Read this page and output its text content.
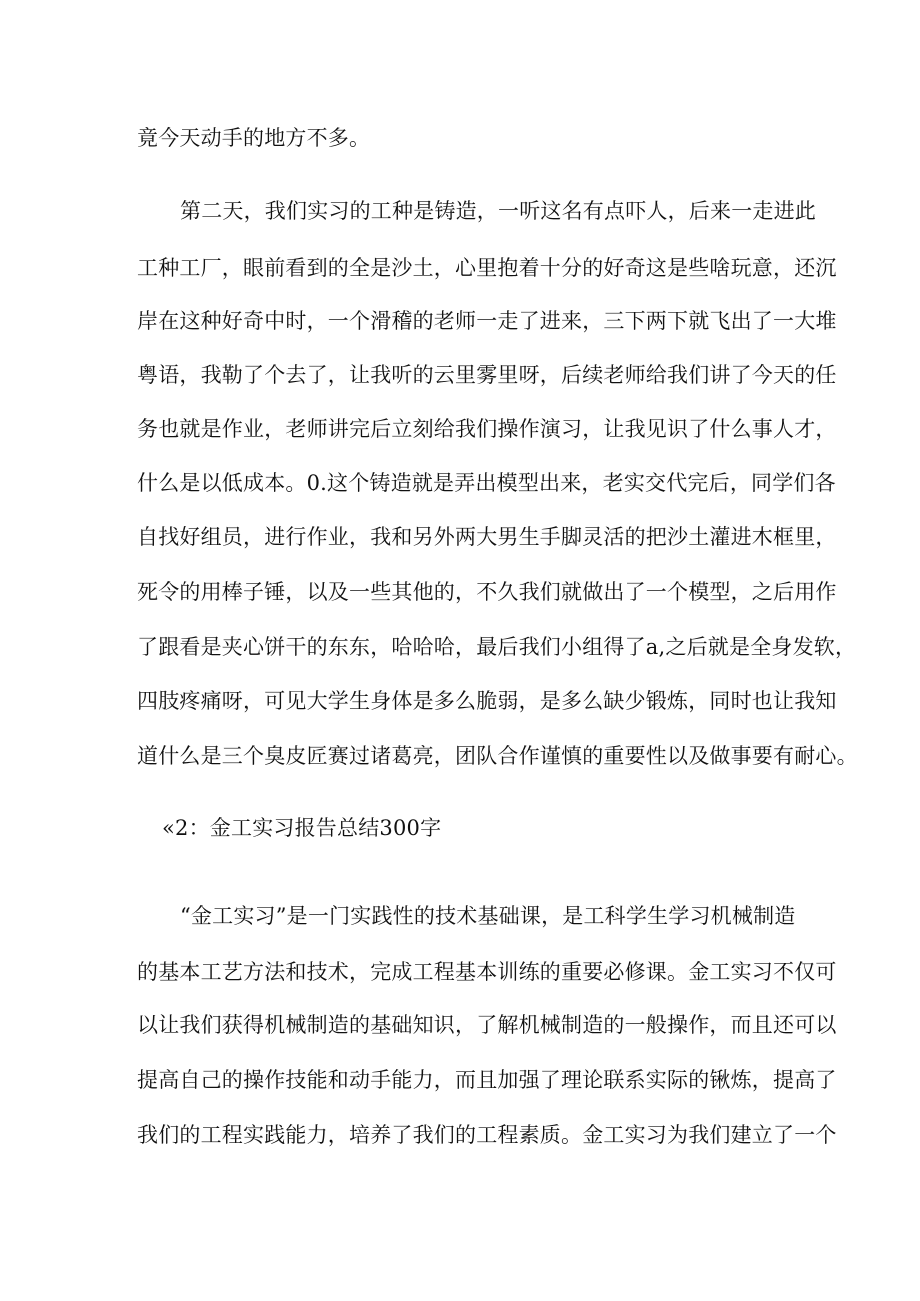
竟今天动手的地方不多。
第二天，我们实习的工种是铸造，一听这名有点吓人，后来一走进此
工种工厂，眼前看到的全是沙土，心里抱着十分的好奇这是些啥玩意，还沉
岸在这种好奇中时，一个滑稽的老师一走了进来，三下两下就飞出了一大堆
粤语，我勒了个去了，让我听的云里雾里呀，后续老师给我们讲了今天的任
务也就是作业，老师讲完后立刻给我们操作演习，让我见识了什么事人才，
什么是以低成本。0.这个铸造就是弄出模型出来，老实交代完后，同学们各
自找好组员，进行作业，我和另外两大男生手脚灵活的把沙土灌进木框里，
死令的用棒子锤，以及一些其他的，不久我们就做出了一个模型，之后用作
了跟看是夹心饼干的东东，哈哈哈，最后我们小组得了a,之后就是全身发软，
四肢疼痛呀，可见大学生身体是多么脆弱，是多么缺少锻炼，同时也让我知
道什么是三个臭皮匠赛过诸葛亮，团队合作谨慎的重要性以及做事要有耐心。
«2：金工实习报告总结300字
“金工实习”是一门实践性的技术基础课，是工科学生学习机械制造
的基本工艺方法和技术，完成工程基本训练的重要必修课。金工实习不仅可
以让我们获得机械制造的基础知识，了解机械制造的一般操作，而且还可以
提高自己的操作技能和动手能力，而且加强了理论联系实际的锹炼，提高了
我们的工程实践能力，培养了我们的工程素质。金工实习为我们建立了一个
